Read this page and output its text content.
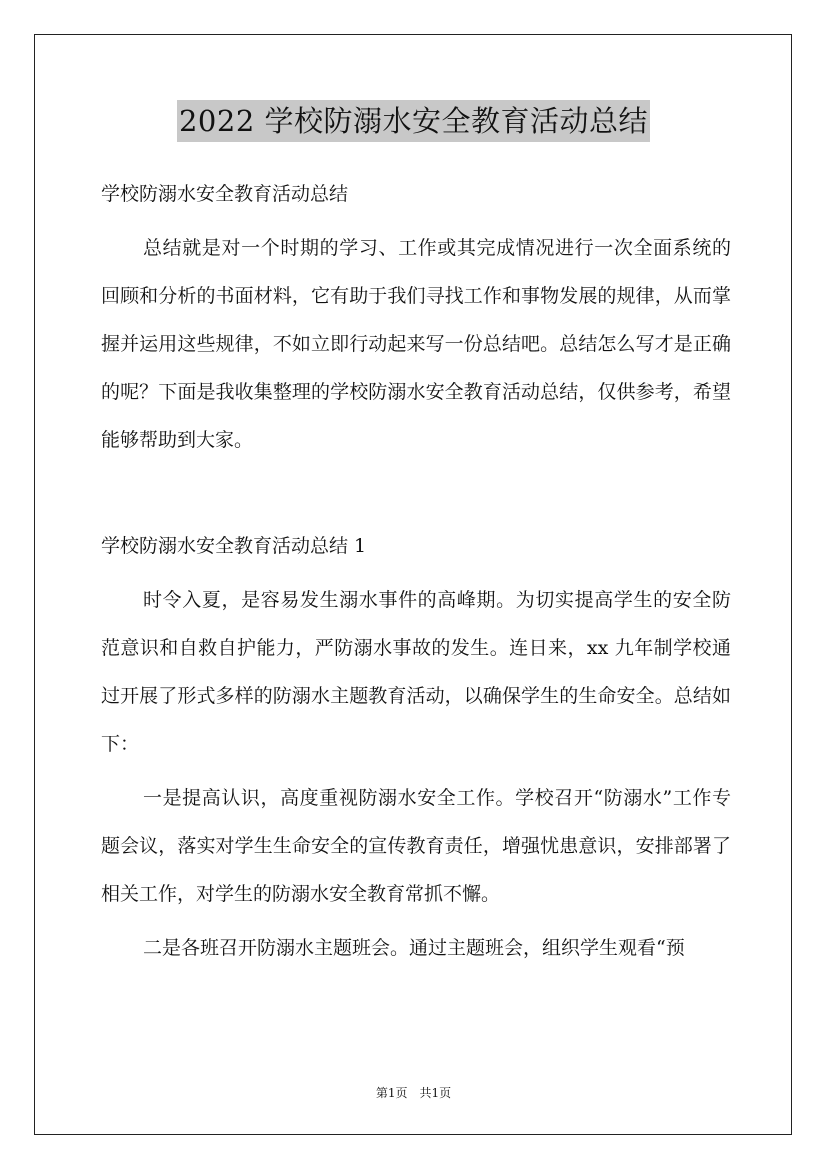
2022 学校防溺水安全教育活动总结

学校防溺水安全教育活动总结

总结就是对一个时期的学习、工作或其完成情况进行一次全面系统的回顾和分析的书面材料，它有助于我们寻找工作和事物发展的规律，从而掌握并运用这些规律，不如立即行动起来写一份总结吧。总结怎么写才是正确的呢？下面是我收集整理的学校防溺水安全教育活动总结，仅供参考，希望能够帮助到大家。

学校防溺水安全教育活动总结 1

时令入夏，是容易发生溺水事件的高峰期。为切实提高学生的安全防范意识和自救自护能力，严防溺水事故的发生。连日来，xx 九年制学校通过开展了形式多样的防溺水主题教育活动，以确保学生的生命安全。总结如下：

一是提高认识，高度重视防溺水安全工作。学校召开“防溺水”工作专题会议，落实对学生生命安全的宣传教育责任，增强忧患意识，安排部署了相关工作，对学生的防溺水安全教育常抓不懈。

二是各班召开防溺水主题班会。通过主题班会，组织学生观看“预

第1页　共1页
